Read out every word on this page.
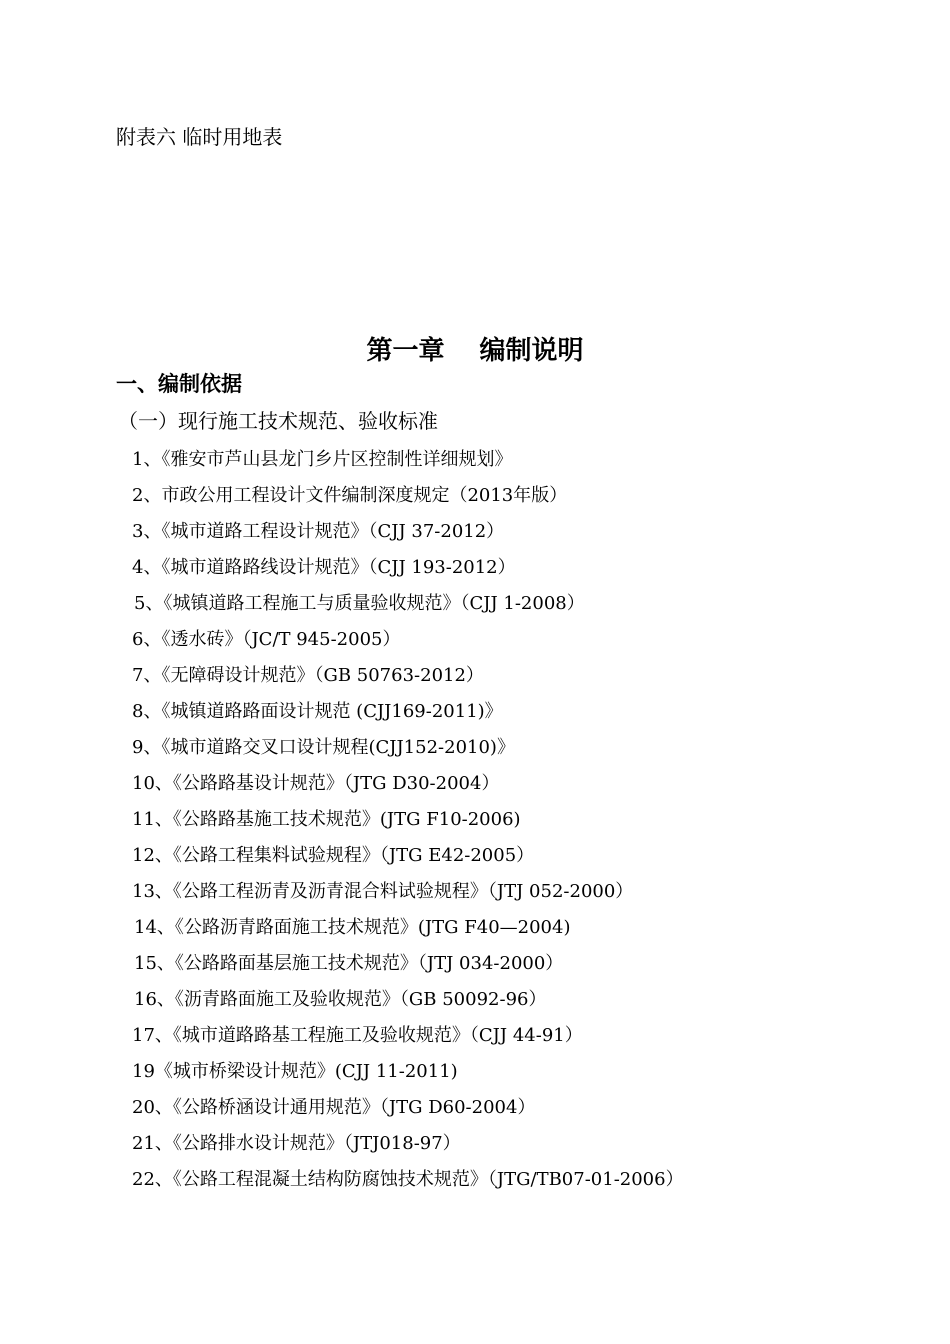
附表六 临时用地表
第一章　 编制说明
一、编制依据
（一）现行施工技术规范、验收标准
1、《雅安市芦山县龙门乡片区控制性详细规划》
2、市政公用工程设计文件编制深度规定（2013年版）
3、《城市道路工程设计规范》（CJJ 37-2012）
4、《城市道路路线设计规范》（CJJ 193-2012）
5、《城镇道路工程施工与质量验收规范》（CJJ 1-2008）
6、《透水砖》（JC/T 945-2005）
7、《无障碍设计规范》（GB 50763-2012）
8、《城镇道路路面设计规范 (CJJ169-2011)》
9、《城市道路交叉口设计规程(CJJ152-2010)》
10、《公路路基设计规范》（JTG D30-2004）
11、《公路路基施工技术规范》(JTG F10-2006)
12、《公路工程集料试验规程》（JTG E42-2005）
13、《公路工程沥青及沥青混合料试验规程》（JTJ 052-2000）
14、《公路沥青路面施工技术规范》(JTG F40—2004)
15、《公路路面基层施工技术规范》（JTJ 034-2000）
16、《沥青路面施工及验收规范》（GB 50092-96）
17、《城市道路路基工程施工及验收规范》（CJJ 44-91）
19《城市桥梁设计规范》(CJJ 11-2011)
20、《公路桥涵设计通用规范》（JTG D60-2004）
21、《公路排水设计规范》（JTJ018-97）
22、《公路工程混凝土结构防腐蚀技术规范》（JTG/TB07-01-2006）
